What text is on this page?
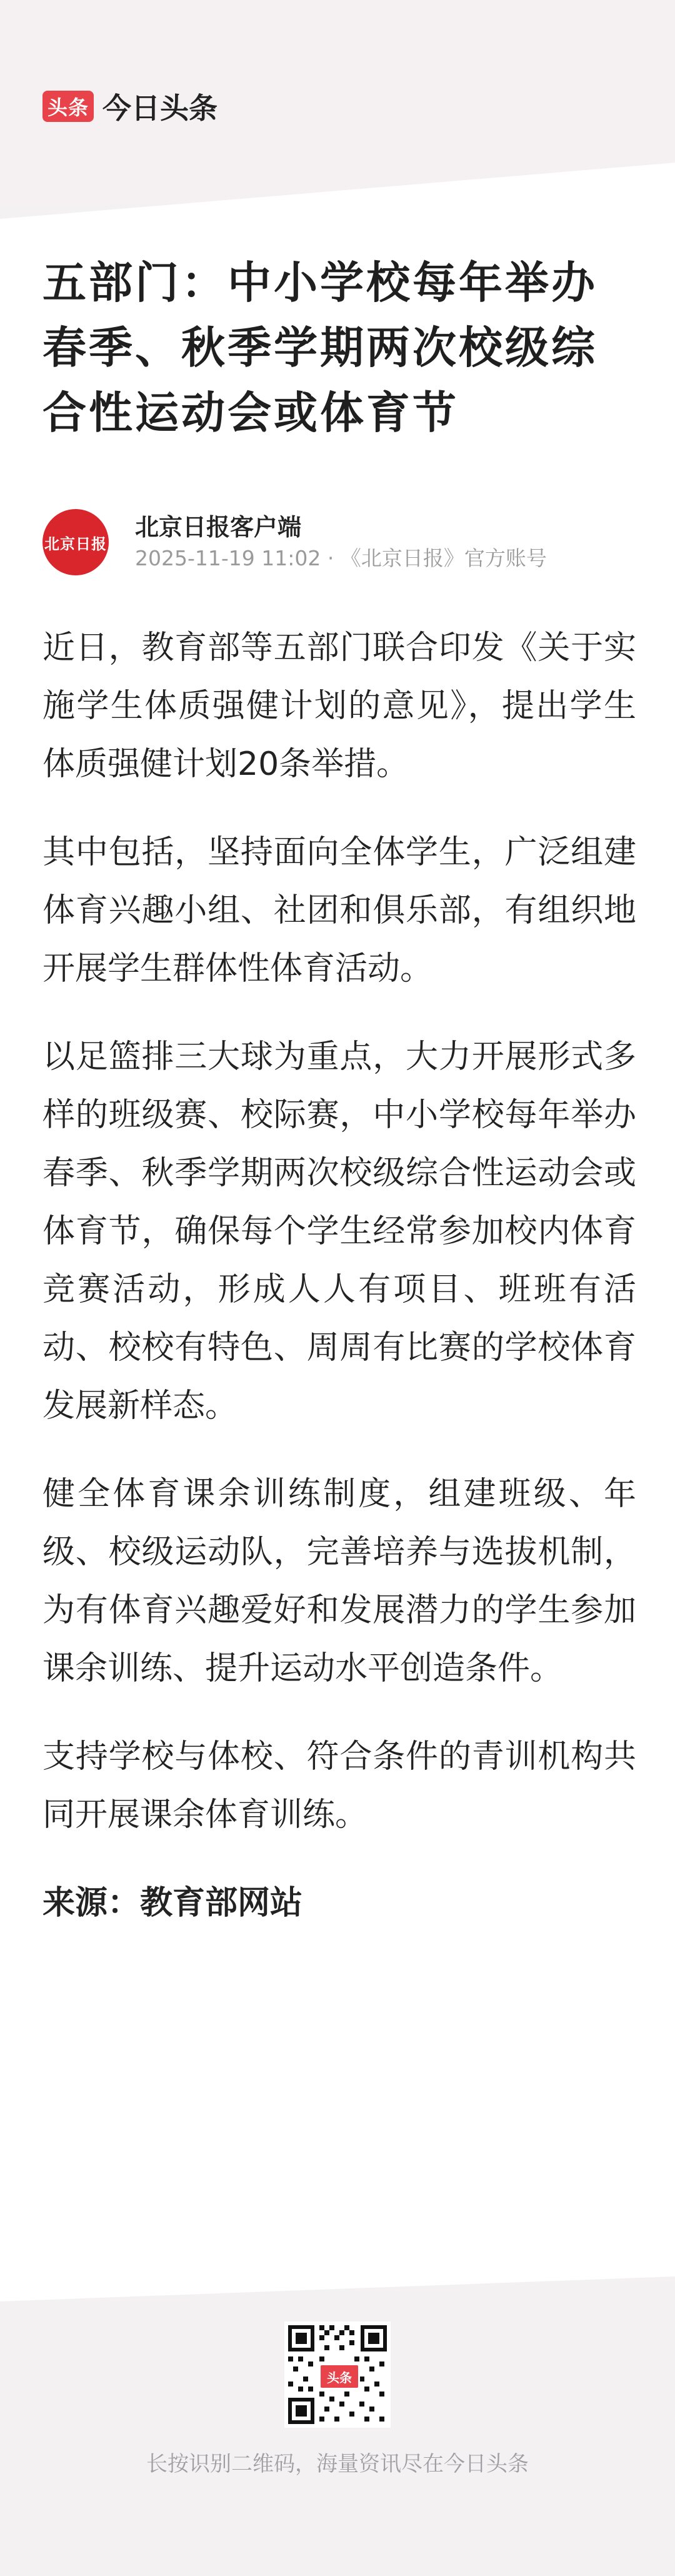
头条 今日头条
五部门：中小学校每年举办春季、秋季学期两次校级综合性运动会或体育节
北京日报
北京日报客户端
2025-11-19 11:02 · 《北京日报》官方账号

近日，教育部等五部门联合印发《关于实施学生体质强健计划的意见》，提出学生体质强健计划20条举措。

其中包括，坚持面向全体学生，广泛组建体育兴趣小组、社团和俱乐部，有组织地开展学生群体性体育活动。

以足篮排三大球为重点，大力开展形式多样的班级赛、校际赛，中小学校每年举办春季、秋季学期两次校级综合性运动会或体育节，确保每个学生经常参加校内体育竞赛活动，形成人人有项目、班班有活动、校校有特色、周周有比赛的学校体育发展新样态。

健全体育课余训练制度，组建班级、年级、校级运动队，完善培养与选拔机制，为有体育兴趣爱好和发展潜力的学生参加课余训练、提升运动水平创造条件。

支持学校与体校、符合条件的青训机构共同开展课余体育训练。

来源：教育部网站

头条
长按识别二维码，海量资讯尽在今日头条
